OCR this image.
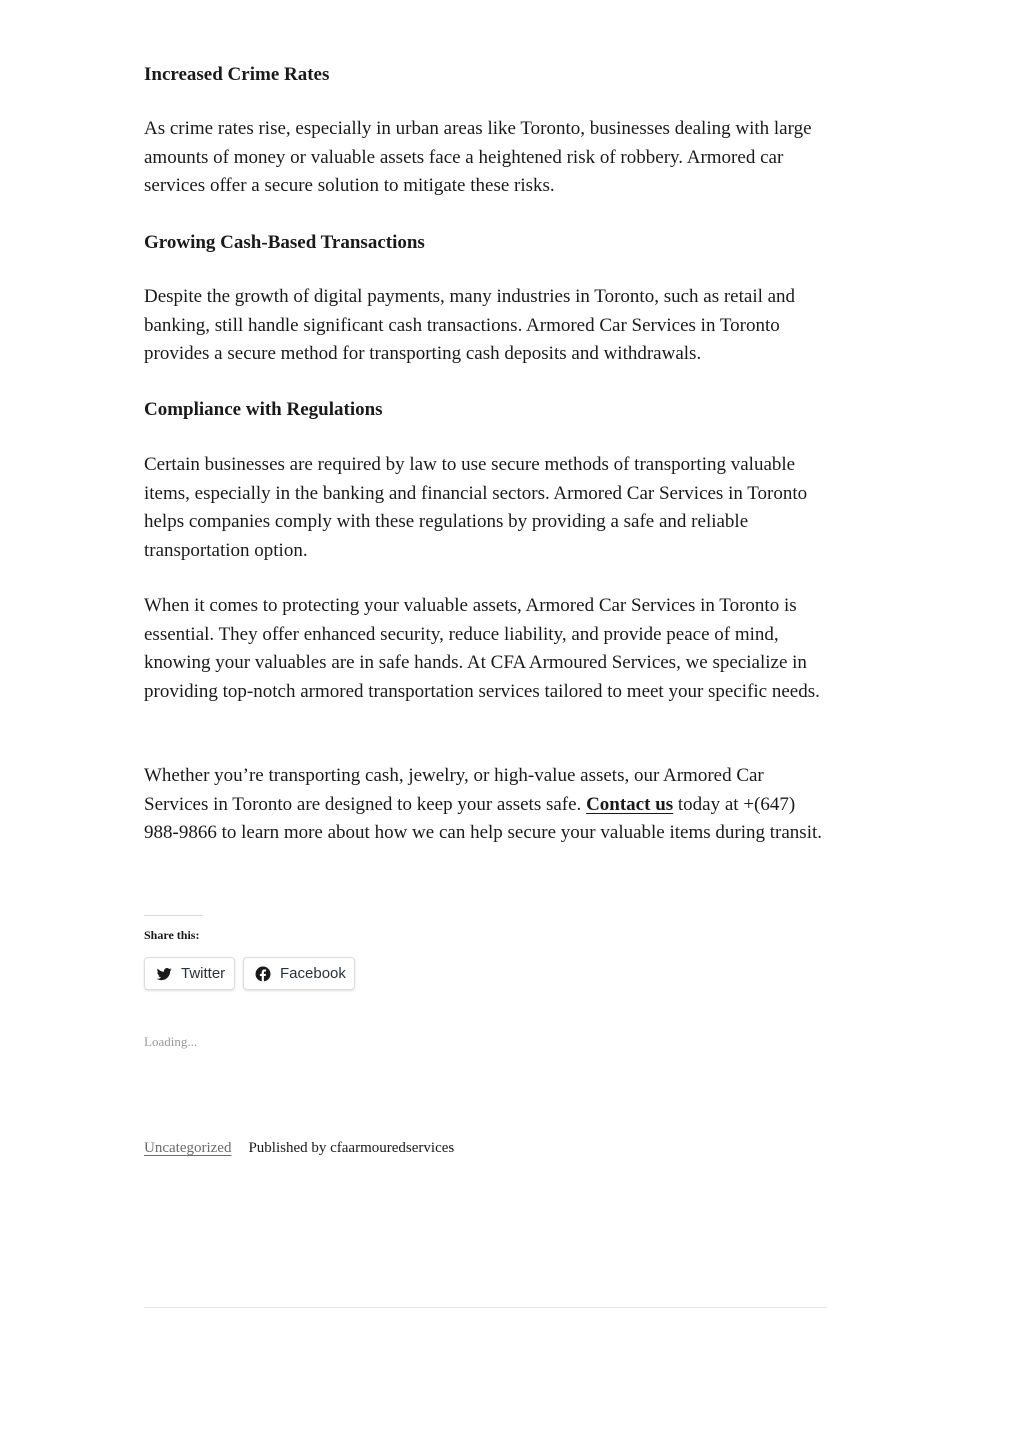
Increased Crime Rates

As crime rates rise, especially in urban areas like Toronto, businesses dealing with large amounts of money or valuable assets face a heightened risk of robbery. Armored car services offer a secure solution to mitigate these risks.

Growing Cash-Based Transactions

Despite the growth of digital payments, many industries in Toronto, such as retail and banking, still handle significant cash transactions. Armored Car Services in Toronto provides a secure method for transporting cash deposits and withdrawals.

Compliance with Regulations

Certain businesses are required by law to use secure methods of transporting valuable items, especially in the banking and financial sectors. Armored Car Services in Toronto helps companies comply with these regulations by providing a safe and reliable transportation option.

When it comes to protecting your valuable assets, Armored Car Services in Toronto is essential. They offer enhanced security, reduce liability, and provide peace of mind, knowing your valuables are in safe hands. At CFA Armoured Services, we specialize in providing top-notch armored transportation services tailored to meet your specific needs.

Whether you’re transporting cash, jewelry, or high-value assets, our Armored Car Services in Toronto are designed to keep your assets safe. Contact us today at +(647) 988-9866 to learn more about how we can help secure your valuable items during transit.

Share this:
Twitter	Facebook

Loading...

Uncategorized Published by cfaarmouredservices
